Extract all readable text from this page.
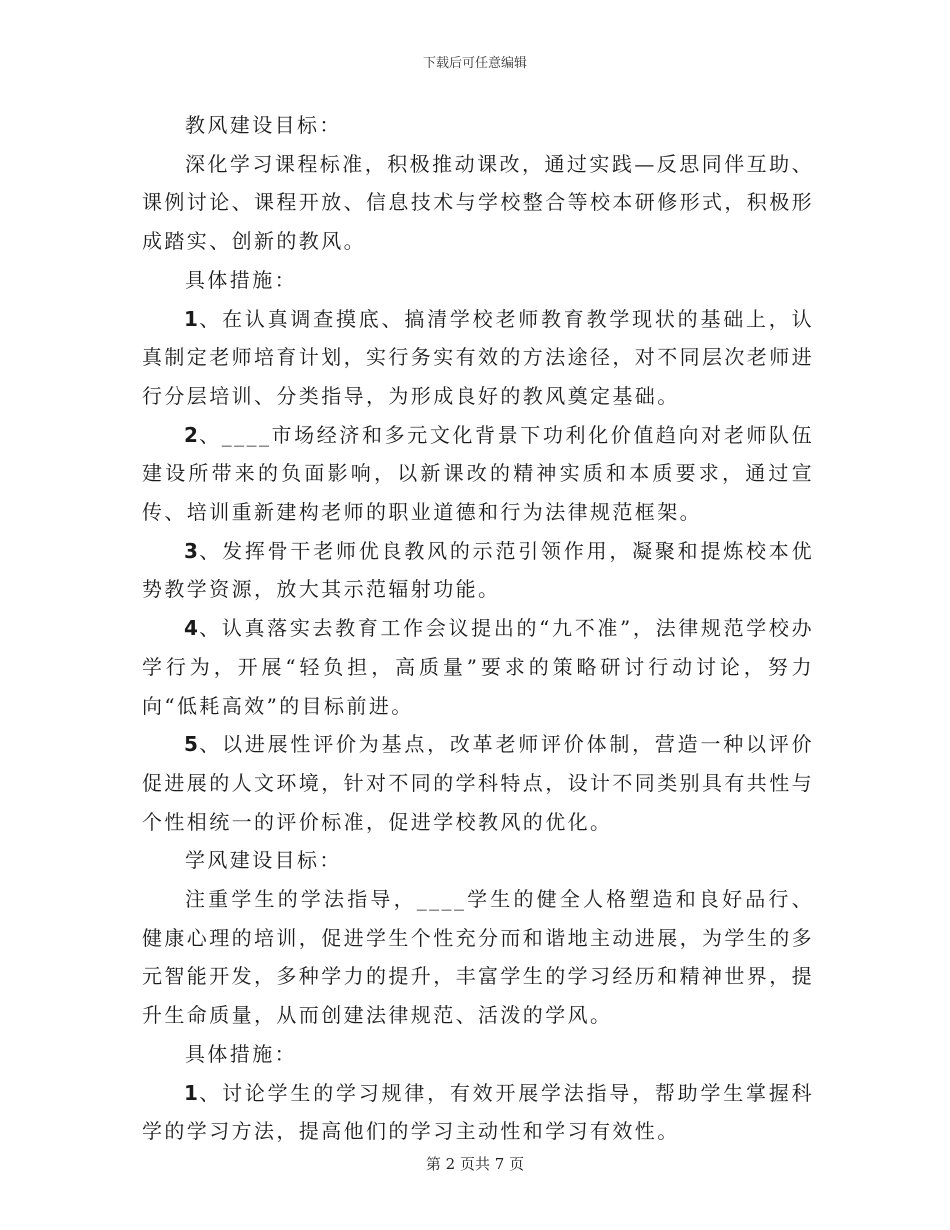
下载后可任意编辑

教风建设目标：

深化学习课程标准，积极推动课改，通过实践—反思同伴互助、课例讨论、课程开放、信息技术与学校整合等校本研修形式，积极形成踏实、创新的教风。

具体措施：

1、在认真调查摸底、搞清学校老师教育教学现状的基础上，认真制定老师培育计划，实行务实有效的方法途径，对不同层次老师进行分层培训、分类指导，为形成良好的教风奠定基础。

2、____市场经济和多元文化背景下功利化价值趋向对老师队伍建设所带来的负面影响，以新课改的精神实质和本质要求，通过宣传、培训重新建构老师的职业道德和行为法律规范框架。

3、发挥骨干老师优良教风的示范引领作用，凝聚和提炼校本优势教学资源，放大其示范辐射功能。

4、认真落实去教育工作会议提出的“九不准”，法律规范学校办学行为，开展“轻负担，高质量”要求的策略研讨行动讨论，努力向“低耗高效”的目标前进。

5、以进展性评价为基点，改革老师评价体制，营造一种以评价促进展的人文环境，针对不同的学科特点，设计不同类别具有共性与个性相统一的评价标准，促进学校教风的优化。

学风建设目标：

注重学生的学法指导，____学生的健全人格塑造和良好品行、健康心理的培训，促进学生个性充分而和谐地主动进展，为学生的多元智能开发，多种学力的提升，丰富学生的学习经历和精神世界，提升生命质量，从而创建法律规范、活泼的学风。

具体措施：

1、讨论学生的学习规律，有效开展学法指导，帮助学生掌握科学的学习方法，提高他们的学习主动性和学习有效性。

第 2 页共 7 页
